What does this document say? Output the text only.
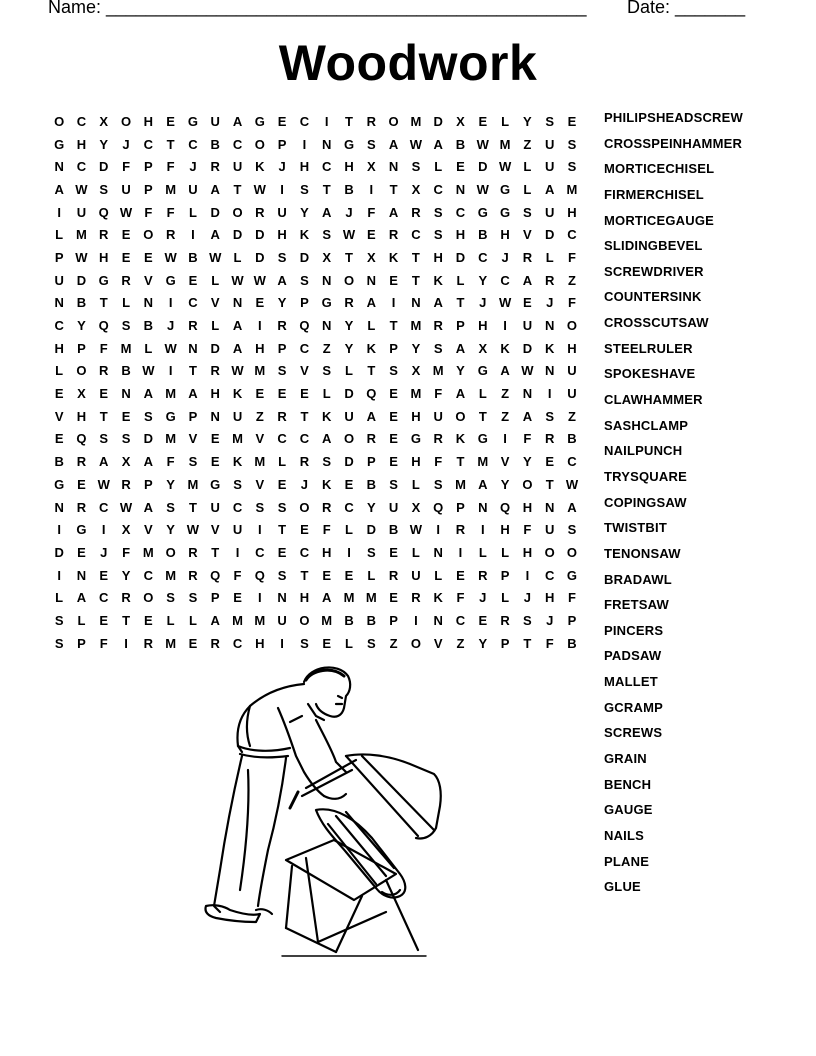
Name: ________________________________________________ Date: _______
Woodwork
O C	X O H	E G U A G E	C	I	T	R O M D	X	E	L	Y	S	E
G H	Y	J	C	T	C B C O P	I	N G S	A W A B W M Z	U	S
N C D	F	P	F	J	R U K	J	H C H	X	N	S	L	E	D W L	U	S
A W S	U	P M U A	T W	I	S	T	B	I	T	X	C N W G	L	A M
I	U Q W F	F	L	D O R U	Y	A	J	F	A R	S	C G G S	U H
L M R	E O R	I	A D D H K	S W E	R C	S	H B H	V	D C
P W H	E	E W B W L	D	S	D	X	T	X	K	T	H D C	J	R	L	F
U D G R	V G E	L W W A	S	N O N	E	T	K	L	Y	C A R	Z
N B	T	L	N	I	C	V	N	E	Y	P G R A	I	N A	T	J W E	J	F
C	Y Q S	B	J	R	L	A	I	R Q N	Y	L	T M R	P	H	I	U N O
H	P	F M L W N D A H	P	C	Z	Y	K	P	Y	S	A	X	K D K H
L	O R B W	I	T	R W M S	V	S	L	T	S	X M Y G A W N U
E	X	E	N A M A H K	E	E	E	L	D Q E M F	A	L	Z	N	I	U
V	H	T	E	S G P	N U	Z	R	T	K U A	E	H U O	T	Z	A	S	Z
E Q S	S	D M V	E M V	C C A O R	E G R K G	I	F	R B
B R A	X	A	F	S	E	K M L	R	S	D	P	E	H	F	T M V	Y	E	C
G E W R	P	Y M G S	V	E	J	K	E	B	S	L	S M A	Y O	T W
N R C W A	S	T	U C	S	S O R C	Y	U	X Q P	N Q H N A
I	G	I	X	V	Y W V	U	I	T	E	F	L	D B W	I	R	I	H	F	U	S
D	E	J	F M O R	T	I	C	E	C H	I	S	E	L	N	I	L	L	H O O
I	N	E	Y	C M R Q	F	Q S	T	E	E	L	R U	L	E	R	P	I	C G
L	A C R O S	S	P	E	I	N H A M M E	R K	F	J	L	J	H	F
S	L	E	T	E	L	L	A M M U O M B B	P	I	N C	E	R	S	J	P
S	P	F	I	R M E	R C H	I	S	E	L	S	Z	O V	Z	Y	P	T	F	B
PHILIPSHEADSCREW
CROSSPEINHAMMER
MORTICECHISEL
FIRMERCHISEL
MORTICEGAUGE
SLIDINGBEVEL
SCREWDRIVER
COUNTERSINK
CROSSCUTSAW
STEELRULER
SPOKESHAVE
CLAWHAMMER
SASHCLAMP
NAILPUNCH
TRYSQUARE
COPINGSAW
TWISTBIT
TENONSAW
BRADAWL
FRETSAW
PINCERS
PADSAW
MALLET
GCRAMP
SCREWS
GRAIN
BENCH
GAUGE
NAILS
PLANE
GLUE
